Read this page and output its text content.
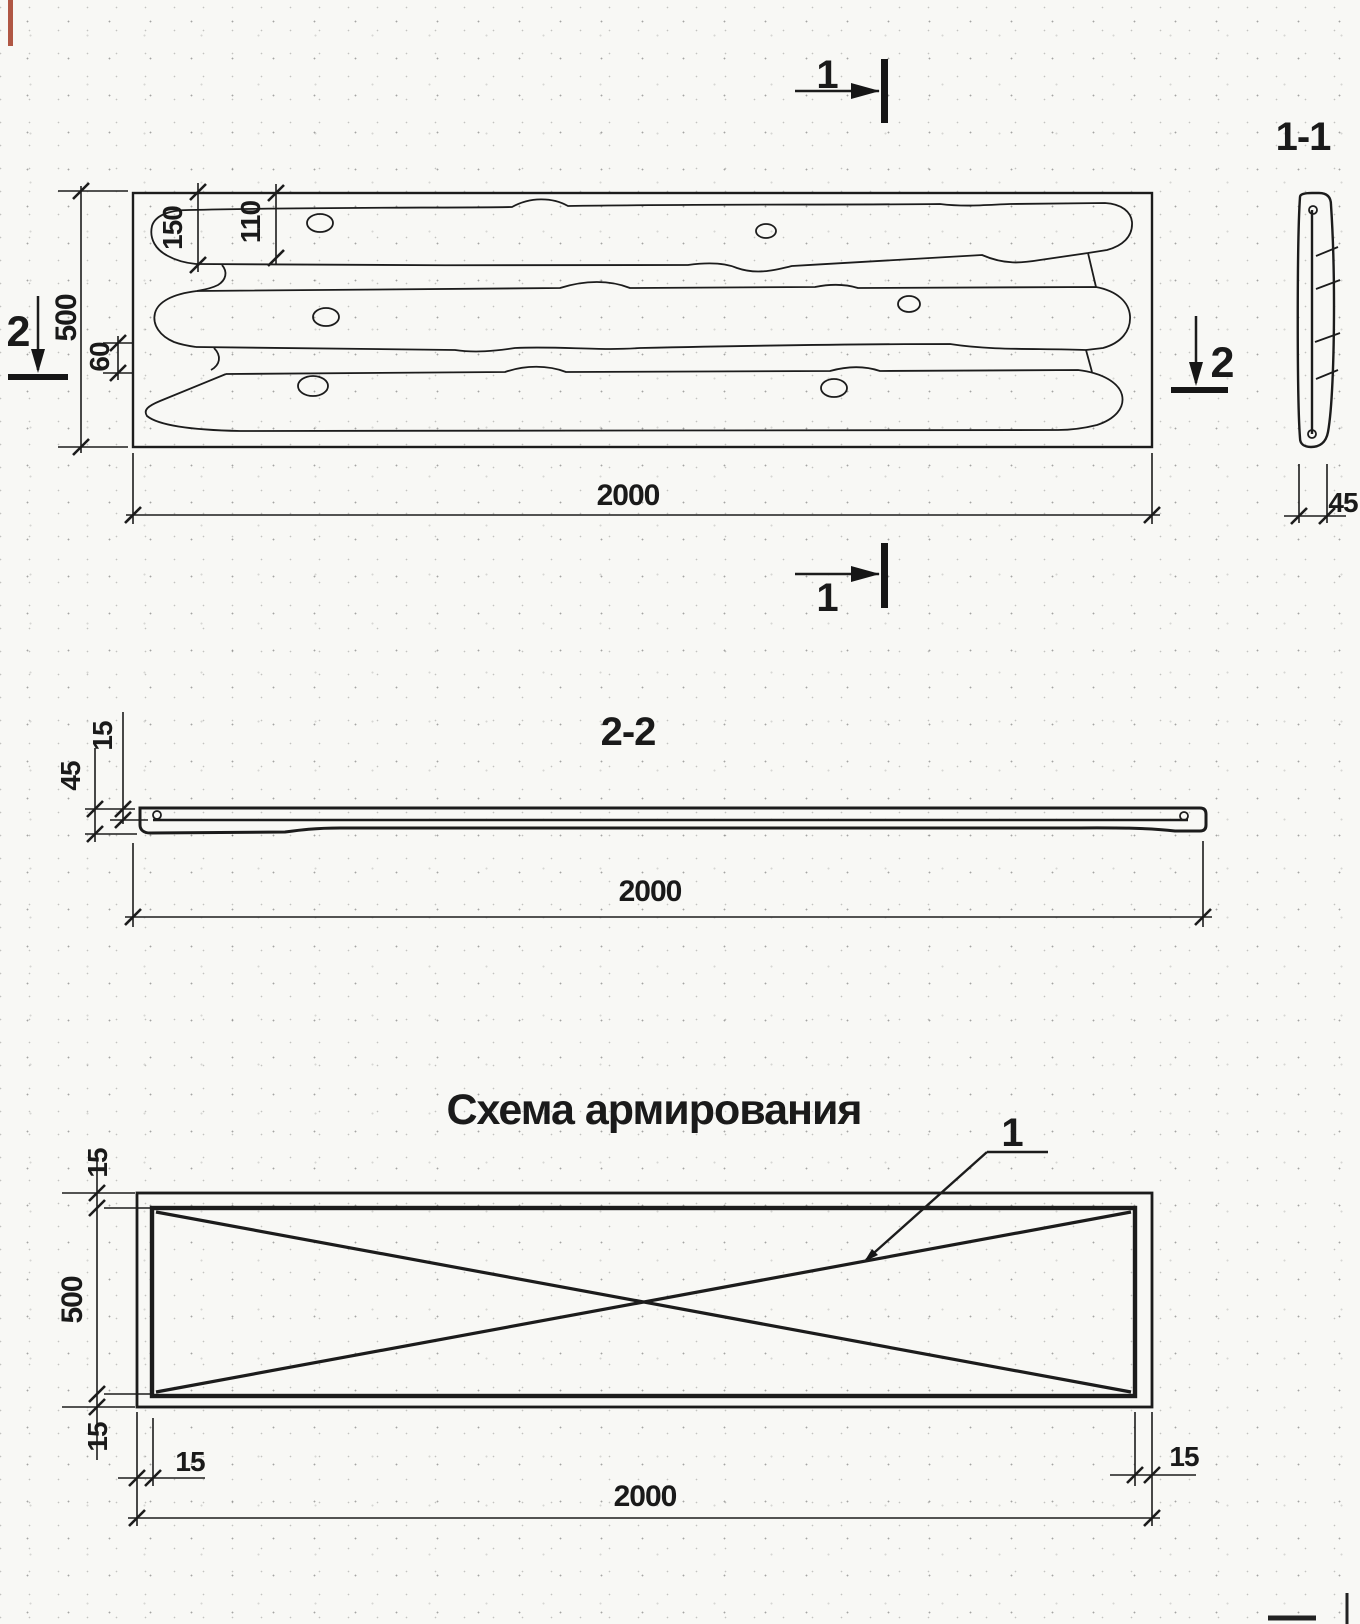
1
1
2
2
500
150 110
60
2000
1-1
45
2-2
15
45
2000
Схема армирования	1
15
500
15
15	15
2000
